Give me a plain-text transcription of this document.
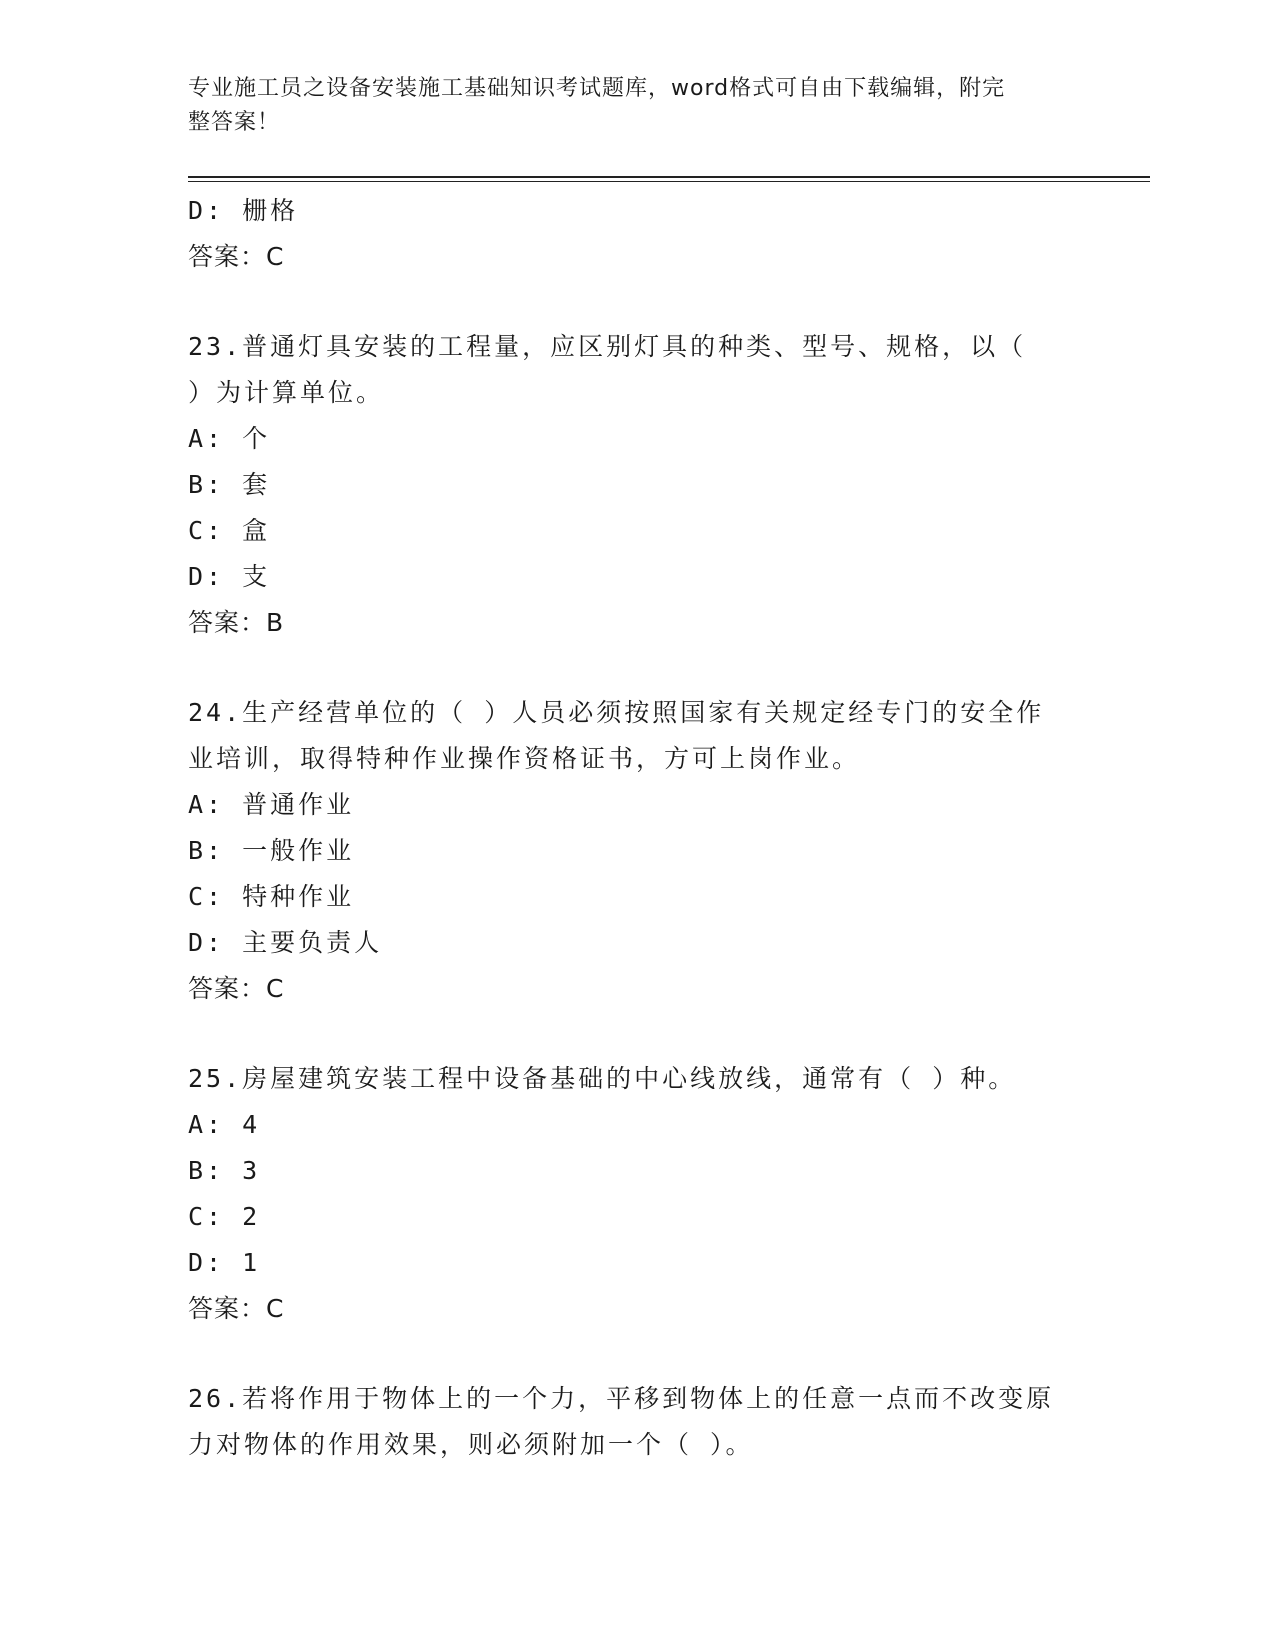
专业施工员之设备安装施工基础知识考试题库，word格式可自由下载编辑，附完
整答案！
D: 栅格
答案：C
23.普通灯具安装的工程量，应区别灯具的种类、型号、规格，以（
）为计算单位。
A: 个
B: 套
C: 盒
D: 支
答案：B
24.生产经营单位的（ ）人员必须按照国家有关规定经专门的安全作
业培训，取得特种作业操作资格证书，方可上岗作业。
A: 普通作业
B: 一般作业
C: 特种作业
D: 主要负责人
答案：C
25.房屋建筑安装工程中设备基础的中心线放线，通常有（ ）种。
A: 4
B: 3
C: 2
D: 1
答案：C
26.若将作用于物体上的一个力，平移到物体上的任意一点而不改变原
力对物体的作用效果，则必须附加一个（ ）。
